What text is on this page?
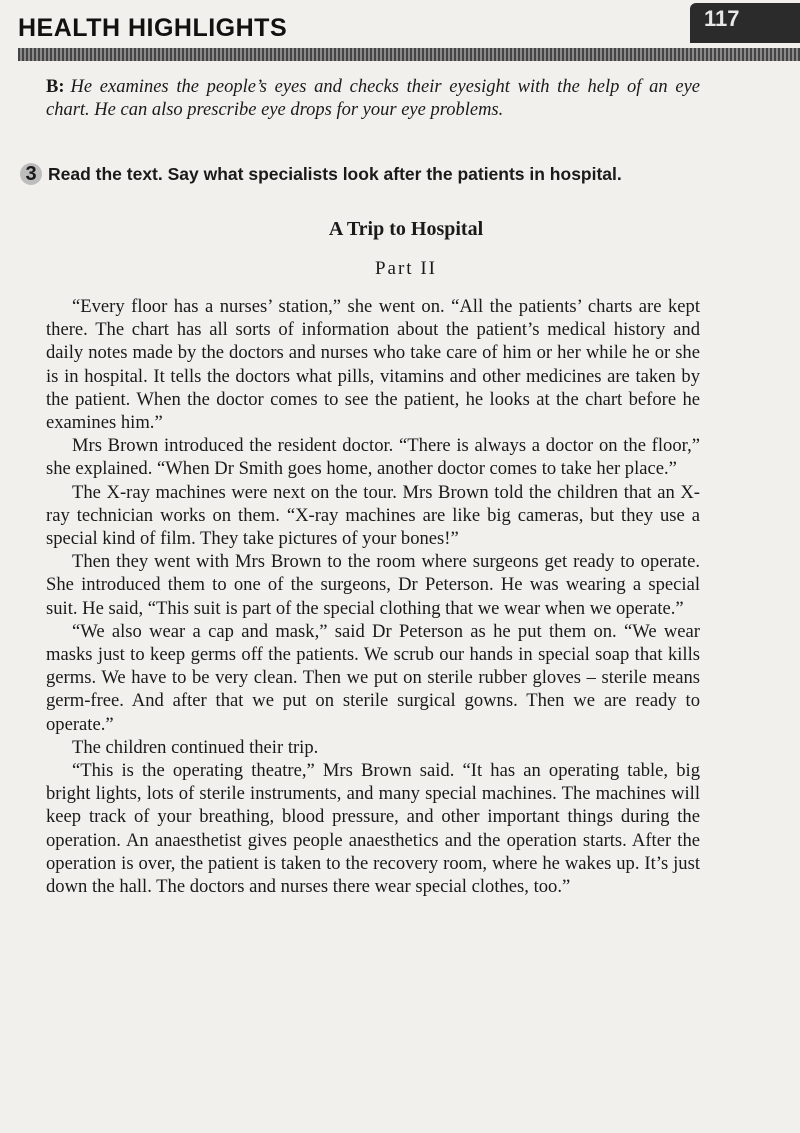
HEALTH HIGHLIGHTS	117
B: He examines the people’s eyes and checks their eyesight with the help of an eye chart. He can also prescribe eye drops for your eye problems.
3 Read the text. Say what specialists look after the patients in hospital.
A Trip to Hospital
Part II

“Every floor has a nurses’ station,” she went on. “All the patients’ charts are kept there. The chart has all sorts of information about the patient’s medical history and daily notes made by the doctors and nurses who take care of him or her while he or she is in hospital. It tells the doctors what pills, vitamins and other medicines are taken by the patient. When the doctor comes to see the patient, he looks at the chart before he examines him.”

Mrs Brown introduced the resident doctor. “There is always a doctor on the floor,” she explained. “When Dr Smith goes home, another doctor comes to take her place.”

The X-ray machines were next on the tour. Mrs Brown told the children that an X-ray technician works on them. “X-ray machines are like big cameras, but they use a special kind of film. They take pictures of your bones!”

Then they went with Mrs Brown to the room where surgeons get ready to operate. She introduced them to one of the surgeons, Dr Peterson. He was wearing a special suit. He said, “This suit is part of the special clothing that we wear when we operate.”

“We also wear a cap and mask,” said Dr Peterson as he put them on. “We wear masks just to keep germs off the patients. We scrub our hands in special soap that kills germs. We have to be very clean. Then we put on sterile rubber gloves – sterile means germ-free. And after that we put on sterile surgical gowns. Then we are ready to operate.”

The children continued their trip.

“This is the operating theatre,” Mrs Brown said. “It has an operating table, big bright lights, lots of sterile instruments, and many special machines. The machines will keep track of your breathing, blood pressure, and other important things during the operation. An anaesthetist gives people anaesthetics and the operation starts. After the operation is over, the patient is taken to the recovery room, where he wakes up. It’s just down the hall. The doctors and nurses there wear special clothes, too.”
